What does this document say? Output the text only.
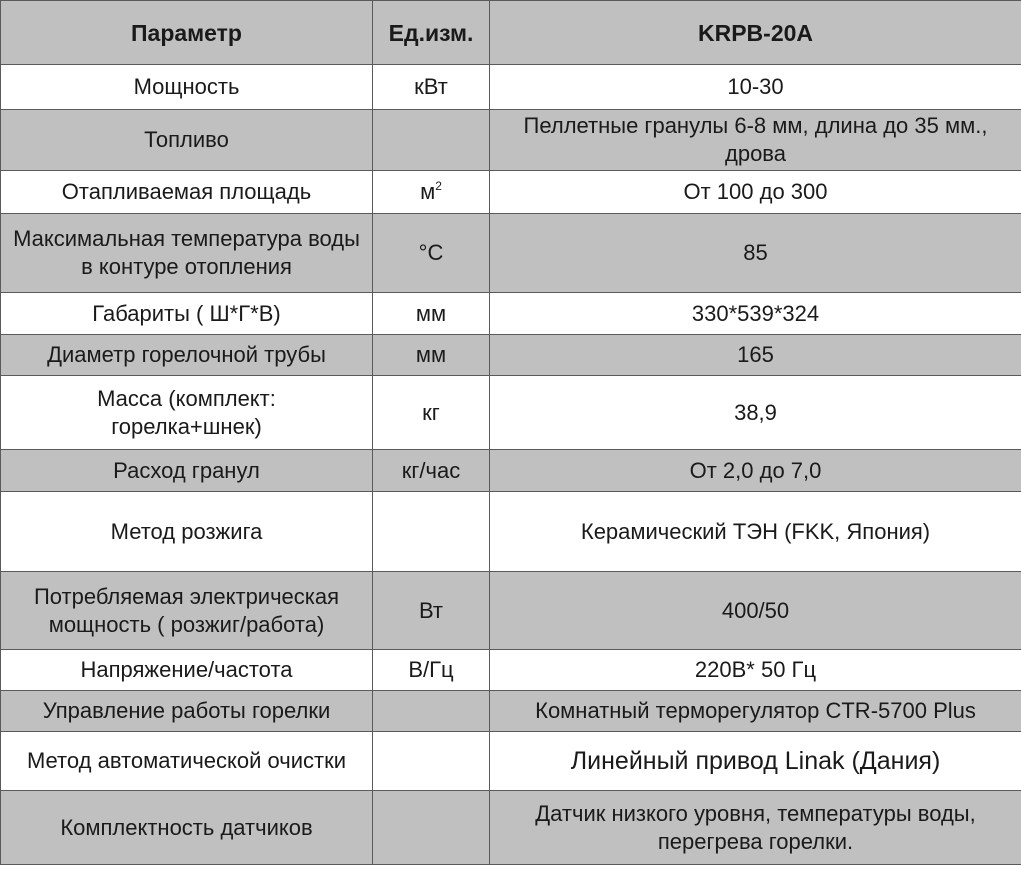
Параметр	Ед.изм.	KRPB-20A
Мощность	кВт	10-30
Топливо		Пеллетные гранулы 6-8 мм, длина до 35 мм., дрова
Отапливаемая площадь	$м^2$	От 100 до 300
Максимальная температура воды в контуре отопления	°С	85
Габариты ( Ш*Г*В)	мм	330*539*324
Диаметр горелочной трубы	мм	165
Масса (комплект: горелка+шнек)	кг	38,9
Расход гранул	кг/час	От 2,0 до 7,0
Метод розжига		Керамический ТЭН (FKK, Япония)
Потребляемая электрическая мощность ( розжиг/работа)	Вт	400/50
Напряжение/частота	В/Гц	220В* 50 Гц
Управление работы горелки		Комнатный терморегулятор CTR-5700 Plus
Метод автоматической очистки		Линейный привод Linak (Дания)
Комплектность датчиков		Датчик низкого уровня, температуры воды, перегрева горелки.
